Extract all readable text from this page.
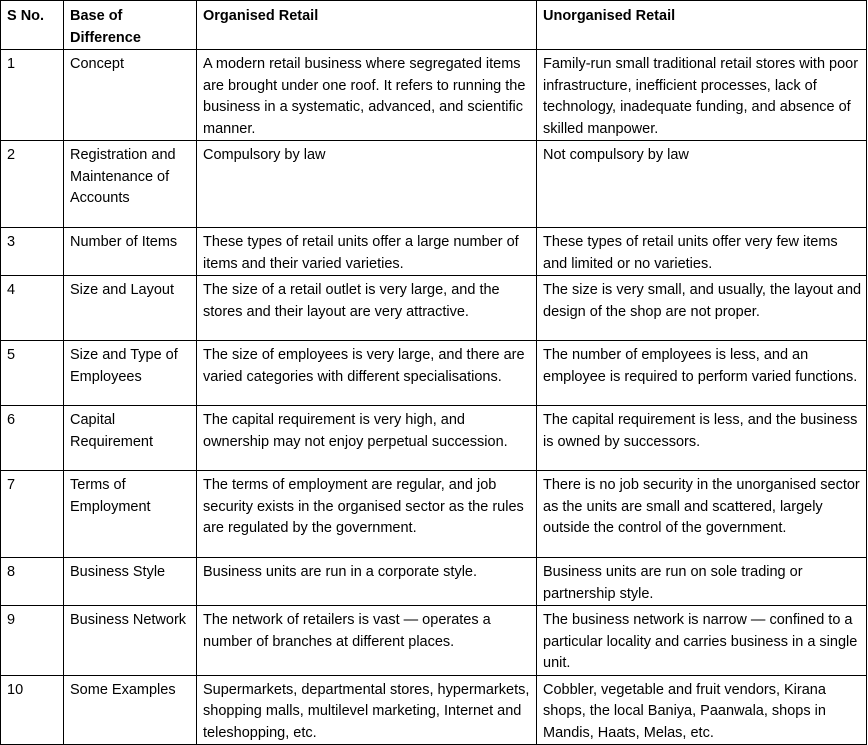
S No.	Base of Difference	Organised Retail	Unorganised Retail
1	Concept	A modern retail business where segregated items are brought under one roof. It refers to running the business in a systematic, advanced, and scientific manner.	Family-run small traditional retail stores with poor infrastructure, inefficient processes, lack of technology, inadequate funding, and absence of skilled manpower.
2	Registration and Maintenance of Accounts	Compulsory by law	Not compulsory by law
3	Number of Items	These types of retail units offer a large number of items and their varied varieties.	These types of retail units offer very few items and limited or no varieties.
4	Size and Layout	The size of a retail outlet is very large, and the stores and their layout are very attractive.	The size is very small, and usually, the layout and design of the shop are not proper.
5	Size and Type of Employees	The size of employees is very large, and there are varied categories with different specialisations.	The number of employees is less, and an employee is required to perform varied functions.
6	Capital Requirement	The capital requirement is very high, and ownership may not enjoy perpetual succession.	The capital requirement is less, and the business is owned by successors.
7	Terms of Employment	The terms of employment are regular, and job security exists in the organised sector as the rules are regulated by the government.	There is no job security in the unorganised sector as the units are small and scattered, largely outside the control of the government.
8	Business Style	Business units are run in a corporate style.	Business units are run on sole trading or partnership style.
9	Business Network	The network of retailers is vast — operates a number of branches at different places.	The business network is narrow — confined to a particular locality and carries business in a single unit.
10	Some Examples	Supermarkets, departmental stores, hypermarkets, shopping malls, multilevel marketing, Internet and teleshopping, etc.	Cobbler, vegetable and fruit vendors, Kirana shops, the local Baniya, Paanwala, shops in Mandis, Haats, Melas, etc.
